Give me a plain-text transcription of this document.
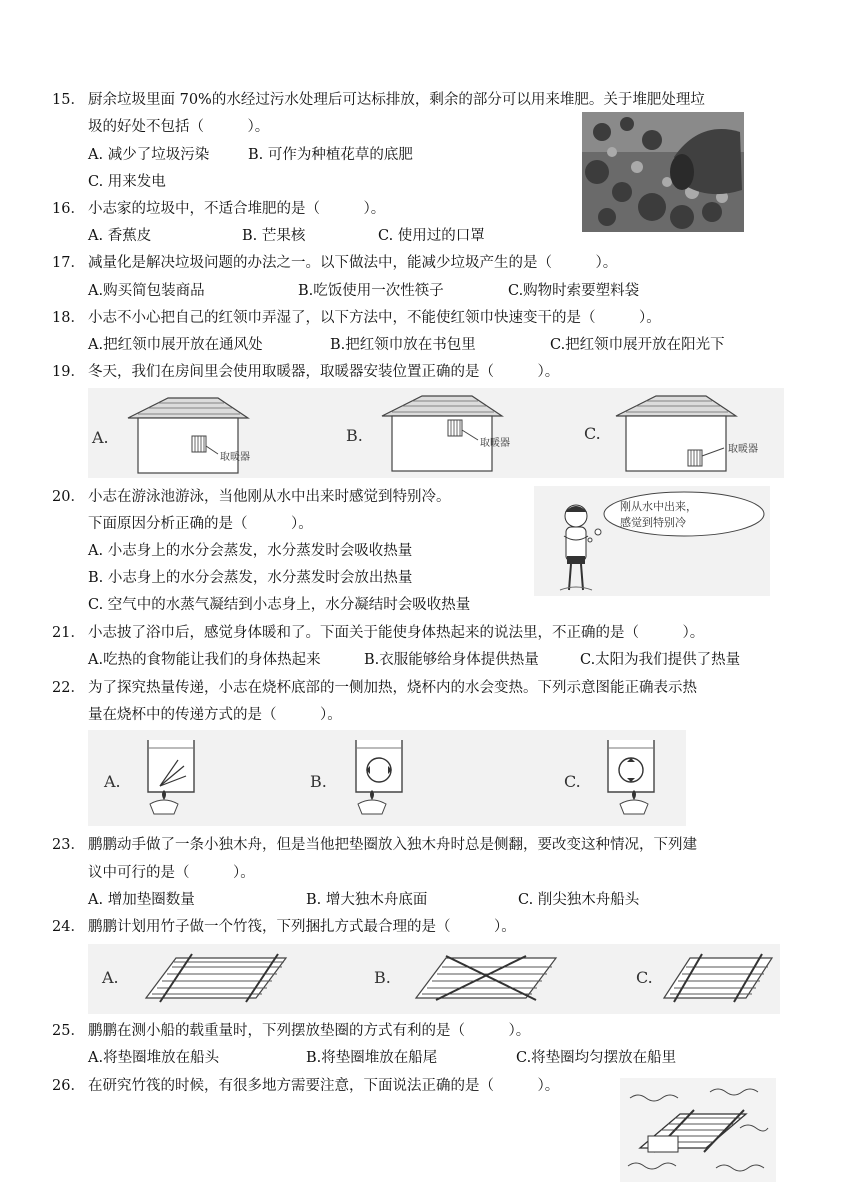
15． 厨余垃圾里面 70%的水经过污水处理后可达标排放，剩余的部分可以用来堆肥。关于堆肥处理垃
圾的好处不包括（　　　）。
A. 减少了垃圾污染	B. 可作为种植花草的底肥
C. 用来发电
16． 小志家的垃圾中，不适合堆肥的是（　　　）。
A. 香蕉皮	B. 芒果核	C. 使用过的口罩
17． 减量化是解决垃圾问题的办法之一。以下做法中，能减少垃圾产生的是（　　　）。
A.购买简包装商品	B.吃饭使用一次性筷子	C.购物时索要塑料袋
18． 小志不小心把自己的红领巾弄湿了，以下方法中，不能使红领巾快速变干的是（　　　）。
A.把红领巾展开放在通风处	B.把红领巾放在书包里	C.把红领巾展开放在阳光下
19． 冬天，我们在房间里会使用取暖器，取暖器安装位置正确的是（　　　）。
A.
取暖器
B.	取暖器
C.
取暖器
20． 小志在游泳池游泳，当他刚从水中出来时感觉到特别冷。
下面原因分析正确的是（　　　）。
A. 小志身上的水分会蒸发，水分蒸发时会吸收热量
B. 小志身上的水分会蒸发，水分蒸发时会放出热量
C. 空气中的水蒸气凝结到小志身上，水分凝结时会吸收热量
刚从水中出来，
感觉到特别冷
21． 小志披了浴巾后，感觉身体暖和了。下面关于能使身体热起来的说法里，不正确的是（　　　）。
A.吃热的食物能让我们的身体热起来	B.衣服能够给身体提供热量	C.太阳为我们提供了热量
22． 为了探究热量传递，小志在烧杯底部的一侧加热，烧杯内的水会变热。下列示意图能正确表示热
量在烧杯中的传递方式的是（　　　）。
A.	B.	C.
23． 鹏鹏动手做了一条小独木舟，但是当他把垫圈放入独木舟时总是侧翻，要改变这种情况，下列建
议中可行的是（　　　）。
A. 增加垫圈数量	B. 增大独木舟底面	C. 削尖独木舟船头
24． 鹏鹏计划用竹子做一个竹筏，下列捆扎方式最合理的是（　　　）。
A.	B.	C.
25． 鹏鹏在测小船的载重量时，下列摆放垫圈的方式有利的是（　　　）。
A.将垫圈堆放在船头	B.将垫圈堆放在船尾	C.将垫圈均匀摆放在船里
26． 在研究竹筏的时候，有很多地方需要注意，下面说法正确的是（　　　）。
